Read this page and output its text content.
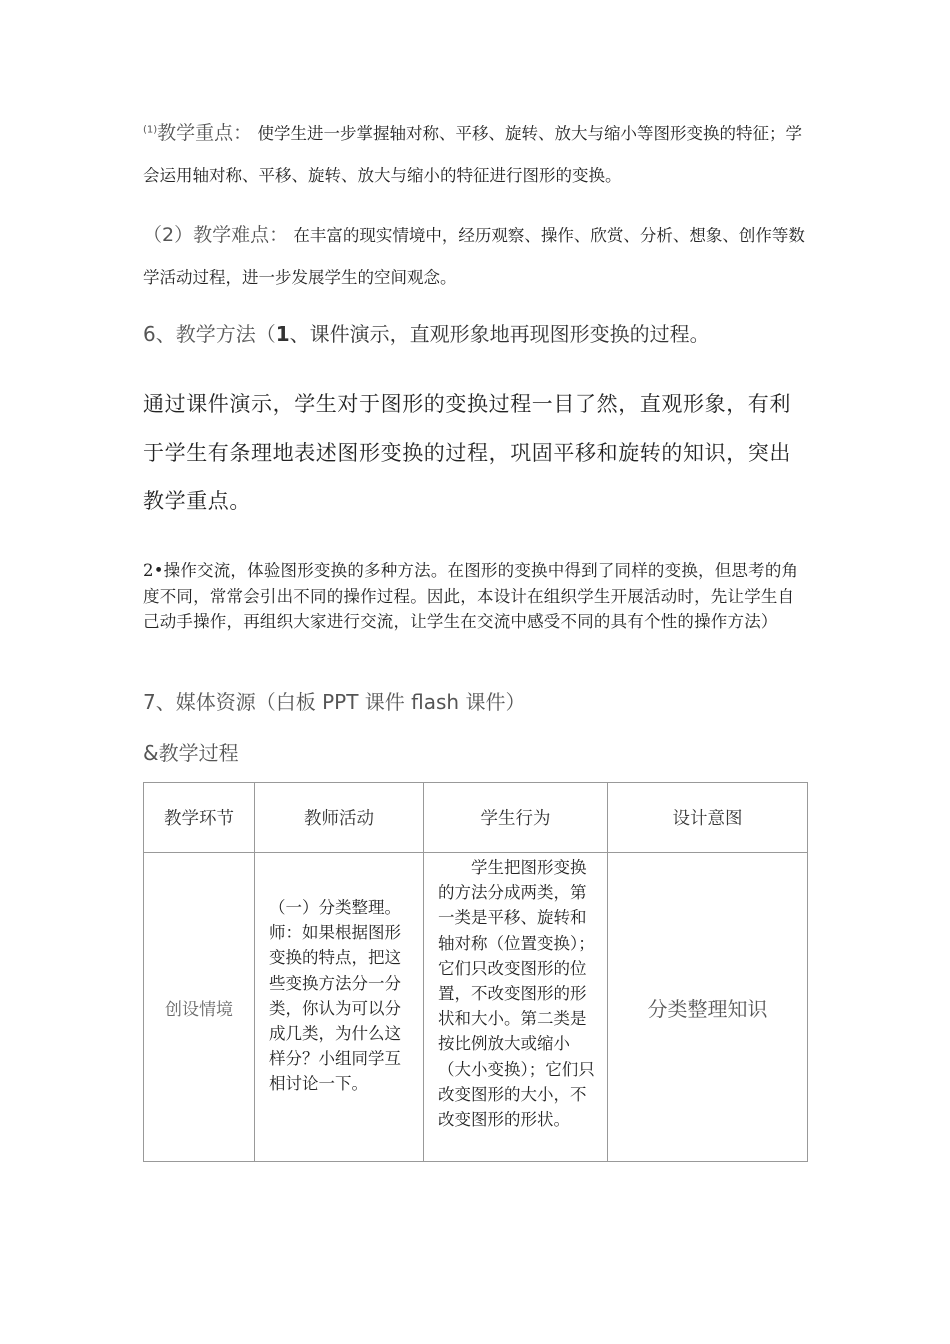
$^{(1)}$教学重点： 使学生进一步掌握轴对称、平移、旋转、放大与缩小等图形变换的特征；学会运用轴对称、平移、旋转、放大与缩小的特征进行图形的变换。
（2）教学难点： 在丰富的现实情境中，经历观察、操作、欣赏、分析、想象、创作等数学活动过程，进一步发展学生的空间观念。
6、教学方法（1、课件演示，直观形象地再现图形变换的过程。
通过课件演示，学生对于图形的变换过程一目了然，直观形象，有利于学生有条理地表述图形变换的过程，巩固平移和旋转的知识，突出教学重点。
2•操作交流，体验图形变换的多种方法。在图形的变换中得到了同样的变换，但思考的角度不同，常常会引出不同的操作过程。因此，本设计在组织学生开展活动时，先让学生自己动手操作，再组织大家进行交流，让学生在交流中感受不同的具有个性的操作方法）
7、媒体资源（白板 PPT 课件 flash 课件）
&教学过程
教学环节	教师活动	学生行为	设计意图

创设情境	（一）分类整理。师：如果根据图形变换的特点，把这些变换方法分一分类，你认为可以分成几类，为什么这样分？小组同学互相讨论一下。	学生把图形变换的方法分成两类，第一类是平移、旋转和轴对称（位置变换）；它们只改变图形的位置，不改变图形的形状和大小。第二类是按比例放大或缩小（大小变换）；它们只改变图形的大小，不改变图形的形状。	分类整理知识
